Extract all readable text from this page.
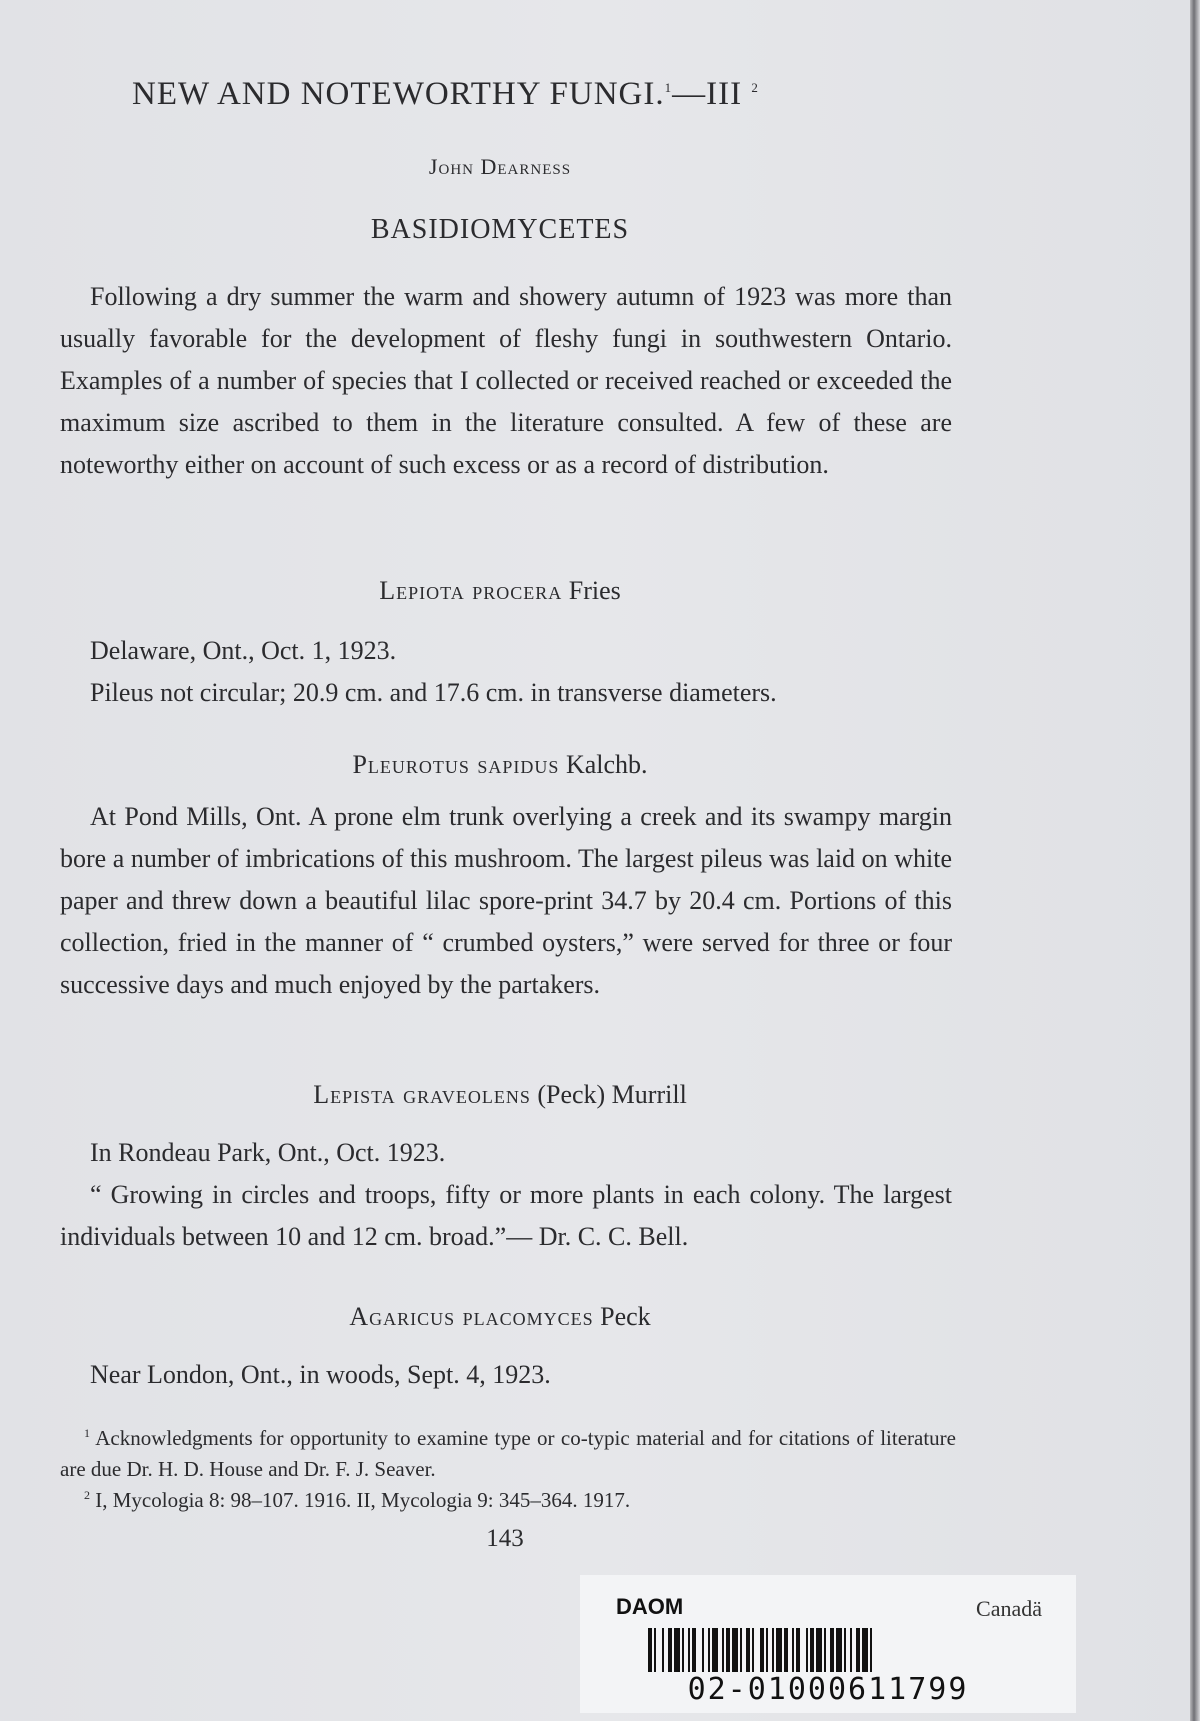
NEW AND NOTEWORTHY FUNGI.$^1$—III $^2$
John Dearness
BASIDIOMYCETES

Following a dry summer the warm and showery autumn of 1923 was more than usually favorable for the development of fleshy fungi in southwestern Ontario. Examples of a number of species that I collected or received reached or exceeded the maximum size ascribed to them in the literature consulted. A few of these are noteworthy either on account of such excess or as a record of distribution.

Lepiota procera Fries

Delaware, Ont., Oct. 1, 1923.

Pileus not circular; 20.9 cm. and 17.6 cm. in transverse diameters.

Pleurotus sapidus Kalchb.

At Pond Mills, Ont. A prone elm trunk overlying a creek and its swampy margin bore a number of imbrications of this mushroom. The largest pileus was laid on white paper and threw down a beautiful lilac spore-print 34.7 by 20.4 cm. Portions of this collection, fried in the manner of “ crumbed oysters,” were served for three or four successive days and much enjoyed by the partakers.

Lepista graveolens (Peck) Murrill

In Rondeau Park, Ont., Oct. 1923.

“ Growing in circles and troops, fifty or more plants in each colony. The largest individuals between 10 and 12 cm. broad.”— Dr. C. C. Bell.

Agaricus placomyces Peck

Near London, Ont., in woods, Sept. 4, 1923.

$^1$ Acknowledgments for opportunity to examine type or co-typic material and for citations of literature are due Dr. H. D. House and Dr. F. J. Seaver.

$^2$ I, Mycologia 8: 98–107. 1916. II, Mycologia 9: 345–364. 1917.

143
DAOM	Canadä
02-01000611799
